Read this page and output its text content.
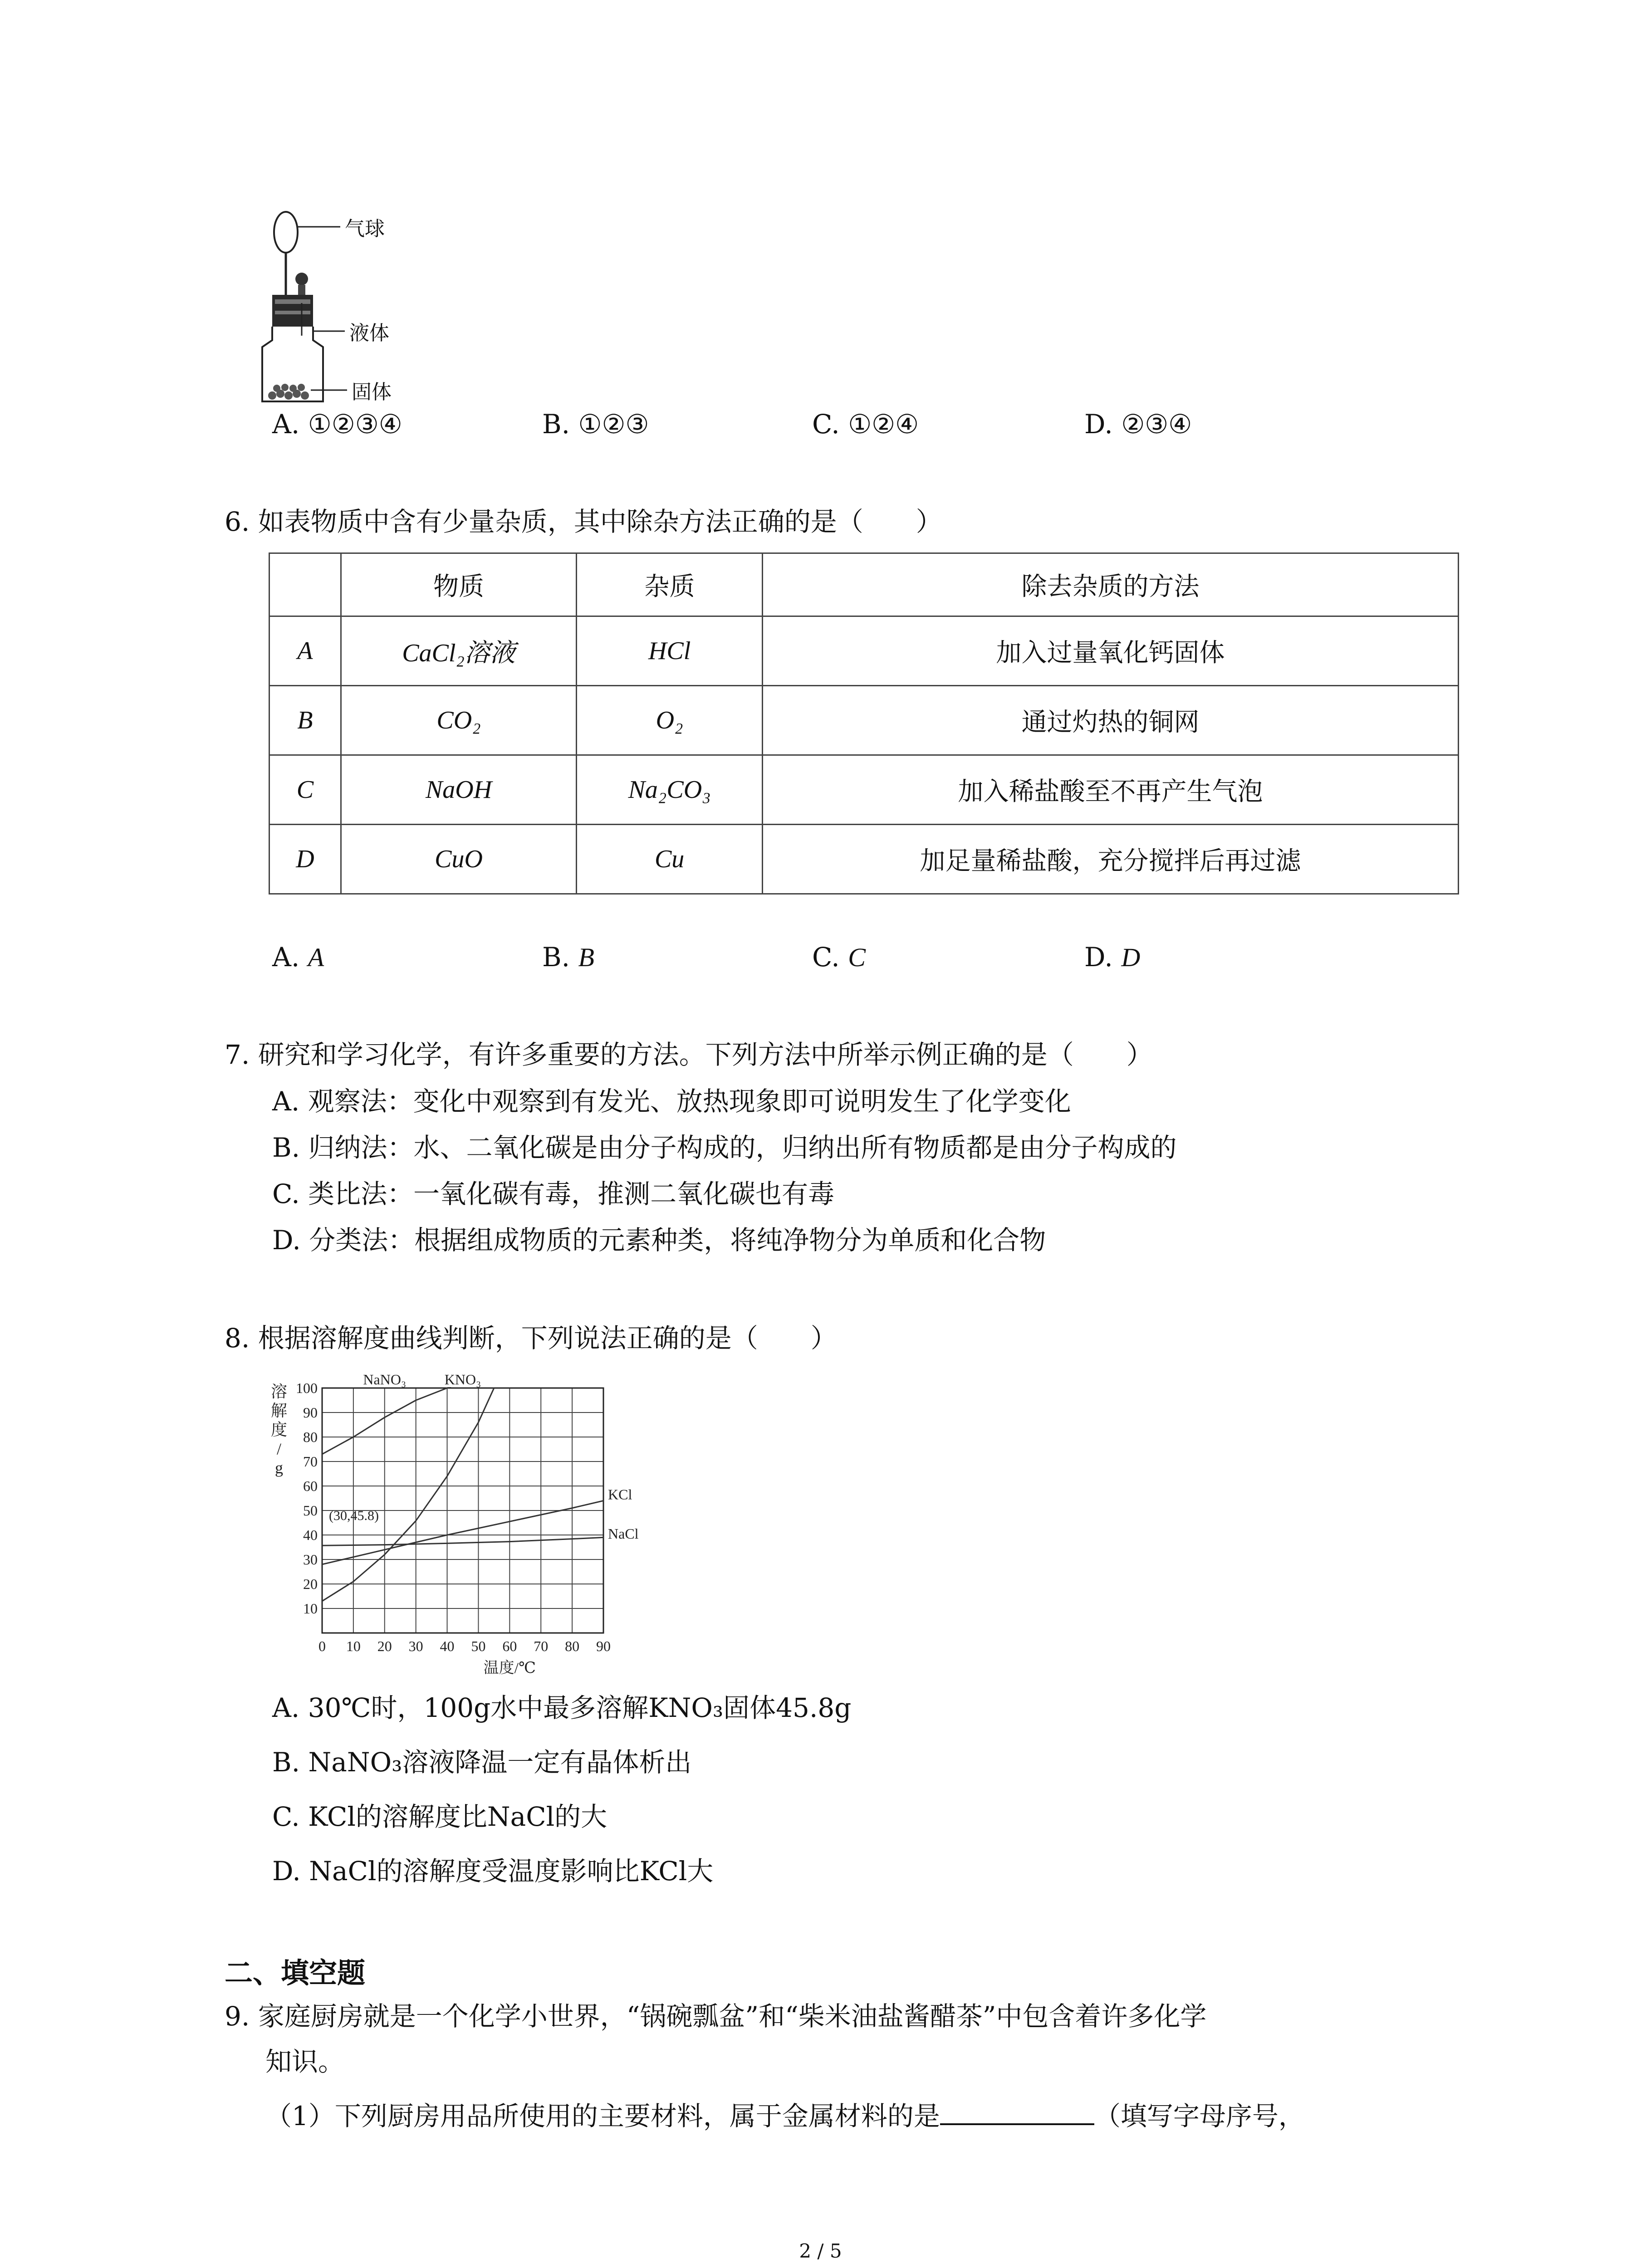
气球
液体
固体
A. ①②③④	B. ①②③	C. ①②④	D. ②③④
6. 如表物质中含有少量杂质，其中除杂方法正确的是（　　）
	物质	杂质	除去杂质的方法
A	CaCl₂溶液	HCl	加入过量氧化钙固体
B	CO₂	O₂	通过灼热的铜网
C	NaOH	Na₂CO₃	加入稀盐酸至不再产生气泡
D	CuO	Cu	加足量稀盐酸，充分搅拌后再过滤
A. A	B. B	C. C	D. D
7. 研究和学习化学，有许多重要的方法。下列方法中所举示例正确的是（　　）
A. 观察法：变化中观察到有发光、放热现象即可说明发生了化学变化
B. 归纳法：水、二氧化碳是由分子构成的，归纳出所有物质都是由分子构成的
C. 类比法：一氧化碳有毒，推测二氧化碳也有毒
D. 分类法：根据组成物质的元素种类，将纯净物分为单质和化合物
8. 根据溶解度曲线判断，下列说法正确的是（　　）
10
20
30
40
50
60
70
80
90
100
0 10 20 30 40 50 60 70 80 90
NaNO₃	KNO₃
KCl
NaCl
(30,45.8)
溶解度/ g
温度/℃
A. 30℃时，100g水中最多溶解KNO₃固体45.8g
B. NaNO₃溶液降温一定有晶体析出
C. KCl的溶解度比NaCl的大
D. NaCl的溶解度受温度影响比KCl大
二、填空题
9. 家庭厨房就是一个化学小世界，“锅碗瓢盆”和“柴米油盐酱醋茶”中包含着许多化学
知识。
（1）下列厨房用品所使用的主要材料，属于金属材料的是	（填写字母序号，
2 / 5
